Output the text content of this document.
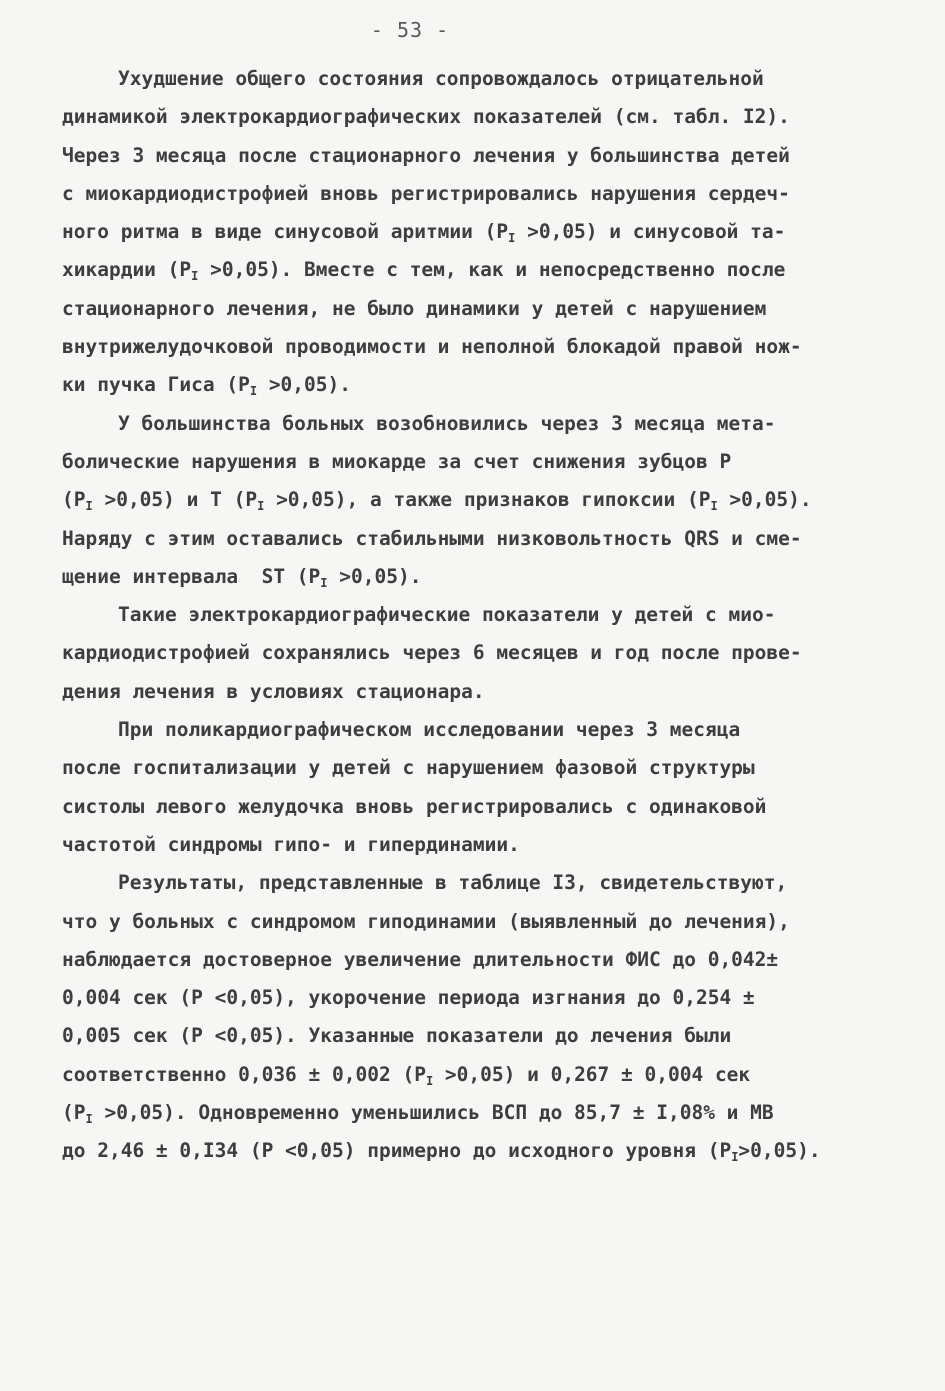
- 53 -
Ухудшение общего состояния сопровождалось отрицательной
динамикой электрокардиографических показателей (см. табл. I2).
Через 3 месяца после стационарного лечения у большинства детей
с миокардиодистрофией вновь регистрировались нарушения сердеч-
ного ритма в виде синусовой аритмии $(P_I >0,05)$ и синусовой та-
хикардии $(P_I >0,05)$. Вместе с тем, как и непосредственно после
стационарного лечения, не было динамики у детей с нарушением
внутрижелудочковой проводимости и неполной блокадой правой нож-
ки пучка Гиса $(P_I >0,05)$.
У большинства больных возобновились через 3 месяца мета-
болические нарушения в миокарде за счет снижения зубцов P
$(P_I >0,05)$ и T $(P_I >0,05)$, а также признаков гипоксии $(P_I >0,05)$.
Наряду с этим оставались стабильными низковольтность QRS и сме-
щение интервала  ST $(P_I >0,05)$.
Такие электрокардиографические показатели у детей с мио-
кардиодистрофией сохранялись через 6 месяцев и год после прове-
дения лечения в условиях стационара.
При поликардиографическом исследовании через 3 месяца
после госпитализации у детей с нарушением фазовой структуры
систолы левого желудочка вновь регистрировались с одинаковой
частотой синдромы гипо- и гипердинамии.
Результаты, представленные в таблице I3, свидетельствуют,
что у больных с синдромом гиподинамии (выявленный до лечения),
наблюдается достоверное увеличение длительности ФИС до 0,042±
0,004 сек (P <0,05), укорочение периода изгнания до 0,254 ±
0,005 сек (P <0,05). Указанные показатели до лечения были
соответственно 0,036 ± 0,002 $(P_I >0,05)$ и 0,267 ± 0,004 сек
$(P_I >0,05)$. Одновременно уменьшились ВСП до 85,7 ± I,08% и МВ
до 2,46 ± 0,I34 (P <0,05) примерно до исходного уровня $(P_I>0,05)$.
